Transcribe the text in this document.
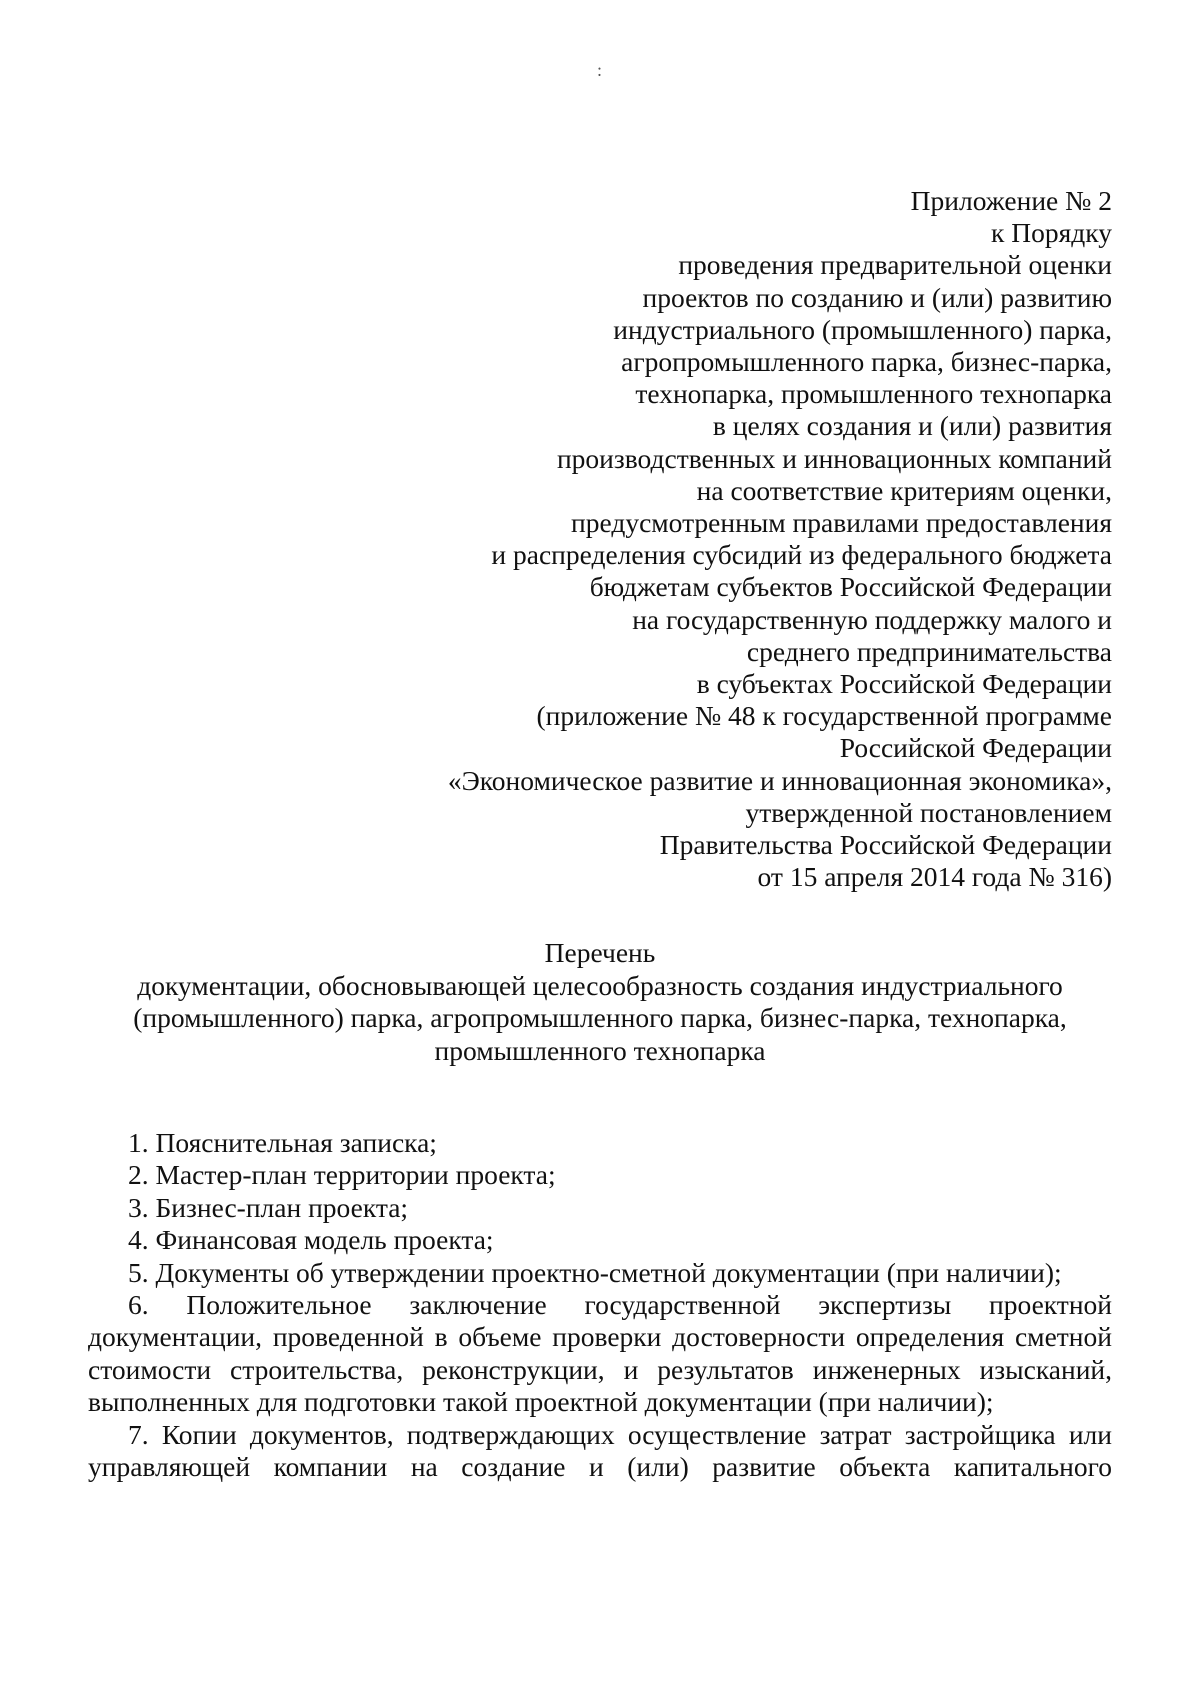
:
Приложение № 2
к Порядку
проведения предварительной оценки
проектов по созданию и (или) развитию
индустриального (промышленного) парка,
агропромышленного парка, бизнес-парка,
технопарка, промышленного технопарка
в целях создания и (или) развития
производственных и инновационных компаний
на соответствие критериям оценки,
предусмотренным правилами предоставления
и распределения субсидий из федерального бюджета
бюджетам субъектов Российской Федерации
на государственную поддержку малого и
среднего предпринимательства
в субъектах Российской Федерации
(приложение № 48 к государственной программе
Российской Федерации
«Экономическое развитие и инновационная экономика»,
утвержденной постановлением
Правительства Российской Федерации
от 15 апреля 2014 года № 316)
Перечень
документации, обосновывающей целесообразность создания индустриального
(промышленного) парка, агропромышленного парка, бизнес-парка, технопарка,
промышленного технопарка

1. Пояснительная записка;

2. Мастер-план территории проекта;

3. Бизнес-план проекта;

4. Финансовая модель проекта;

5. Документы об утверждении проектно-сметной документации (при наличии);

6. Положительное заключение государственной экспертизы проектной документации, проведенной в объеме проверки достоверности определения сметной стоимости строительства, реконструкции, и результатов инженерных изысканий, выполненных для подготовки такой проектной документации (при наличии);

7. Копии документов, подтверждающих осуществление затрат застройщика или управляющей компании на создание и (или) развитие объекта капитального
